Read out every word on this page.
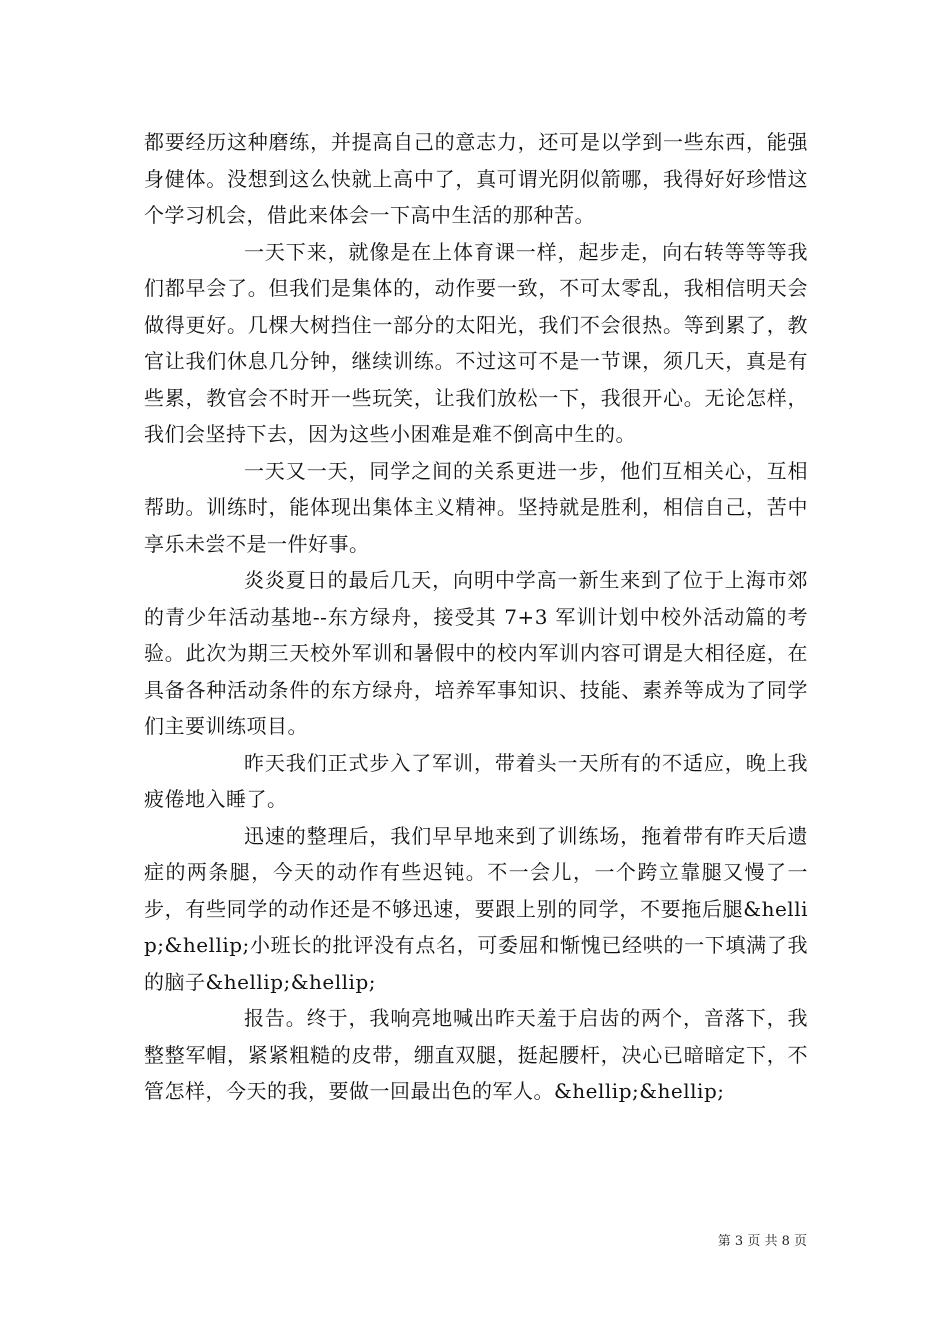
都要经历这种磨练，并提高自己的意志力，还可是以学到一些东西，能强身健体。没想到这么快就上高中了，真可谓光阴似箭哪，我得好好珍惜这个学习机会，借此来体会一下高中生活的那种苦。

一天下来，就像是在上体育课一样，起步走，向右转等等等我们都早会了。但我们是集体的，动作要一致，不可太零乱，我相信明天会做得更好。几棵大树挡住一部分的太阳光，我们不会很热。等到累了，教官让我们休息几分钟，继续训练。不过这可不是一节课，须几天，真是有些累，教官会不时开一些玩笑，让我们放松一下，我很开心。无论怎样，我们会坚持下去，因为这些小困难是难不倒高中生的。

一天又一天，同学之间的关系更进一步，他们互相关心，互相帮助。训练时，能体现出集体主义精神。坚持就是胜利，相信自己，苦中享乐未尝不是一件好事。

炎炎夏日的最后几天，向明中学高一新生来到了位于上海市郊的青少年活动基地--东方绿舟，接受其 7+3 军训计划中校外活动篇的考验。此次为期三天校外军训和暑假中的校内军训内容可谓是大相径庭，在具备各种活动条件的东方绿舟，培养军事知识、技能、素养等成为了同学们主要训练项目。

昨天我们正式步入了军训，带着头一天所有的不适应，晚上我疲倦地入睡了。

迅速的整理后，我们早早地来到了训练场，拖着带有昨天后遗症的两条腿，今天的动作有些迟钝。不一会儿，一个跨立靠腿又慢了一步，有些同学的动作还是不够迅速，要跟上别的同学，不要拖后腿&hellip;&hellip;小班长的批评没有点名，可委屈和惭愧已经哄的一下填满了我的脑子&hellip;&hellip;

报告。终于，我响亮地喊出昨天羞于启齿的两个，音落下，我整整军帽，紧紧粗糙的皮带，绷直双腿，挺起腰杆，决心已暗暗定下，不管怎样，今天的我，要做一回最出色的军人。&hellip;&hellip;

第 3 页 共 8 页
